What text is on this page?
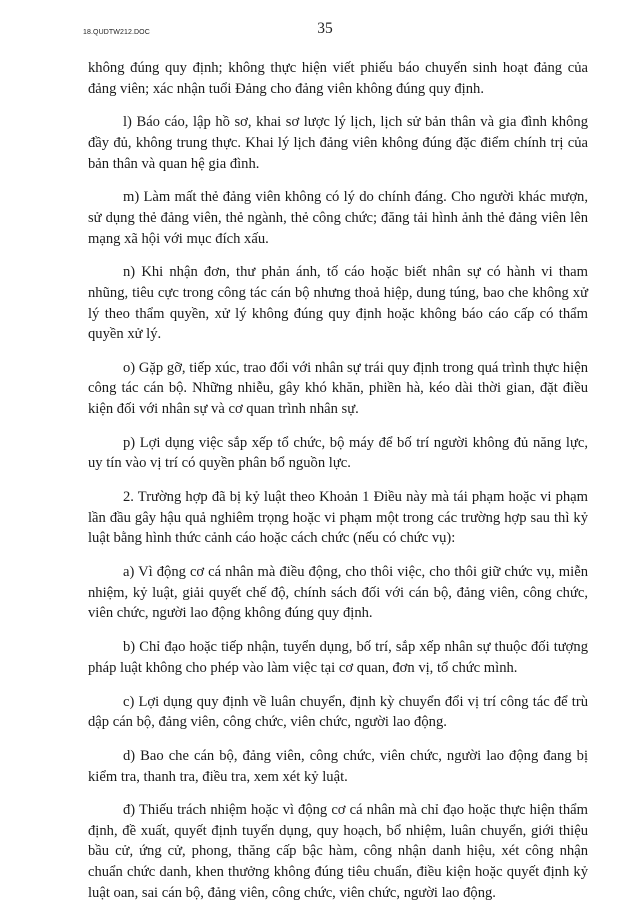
18.QUDTW212.DOC	35

không đúng quy định; không thực hiện viết phiếu báo chuyển sinh hoạt đảng của đảng viên; xác nhận tuổi Đảng cho đảng viên không đúng quy định.

l) Báo cáo, lập hồ sơ, khai sơ lược lý lịch, lịch sử bản thân và gia đình không đầy đủ, không trung thực. Khai lý lịch đảng viên không đúng đặc điểm chính trị của bản thân và quan hệ gia đình.

m) Làm mất thẻ đảng viên không có lý do chính đáng. Cho người khác mượn, sử dụng thẻ đảng viên, thẻ ngành, thẻ công chức; đăng tải hình ảnh thẻ đảng viên lên mạng xã hội với mục đích xấu.

n) Khi nhận đơn, thư phản ánh, tố cáo hoặc biết nhân sự có hành vi tham nhũng, tiêu cực trong công tác cán bộ nhưng thoả hiệp, dung túng, bao che không xử lý theo thẩm quyền, xử lý không đúng quy định hoặc không báo cáo cấp có thẩm quyền xử lý.

o) Gặp gỡ, tiếp xúc, trao đổi với nhân sự trái quy định trong quá trình thực hiện công tác cán bộ. Những nhiễu, gây khó khăn, phiền hà, kéo dài thời gian, đặt điều kiện đối với nhân sự và cơ quan trình nhân sự.

p) Lợi dụng việc sắp xếp tổ chức, bộ máy để bố trí người không đủ năng lực, uy tín vào vị trí có quyền phân bổ nguồn lực.

2. Trường hợp đã bị kỷ luật theo Khoản 1 Điều này mà tái phạm hoặc vi phạm lần đầu gây hậu quả nghiêm trọng hoặc vi phạm một trong các trường hợp sau thì kỷ luật bằng hình thức cảnh cáo hoặc cách chức (nếu có chức vụ):

a) Vì động cơ cá nhân mà điều động, cho thôi việc, cho thôi giữ chức vụ, miễn nhiệm, kỷ luật, giải quyết chế độ, chính sách đối với cán bộ, đảng viên, công chức, viên chức, người lao động không đúng quy định.

b) Chỉ đạo hoặc tiếp nhận, tuyển dụng, bố trí, sắp xếp nhân sự thuộc đối tượng pháp luật không cho phép vào làm việc tại cơ quan, đơn vị, tổ chức mình.

c) Lợi dụng quy định về luân chuyển, định kỳ chuyển đổi vị trí công tác để trù dập cán bộ, đảng viên, công chức, viên chức, người lao động.

d) Bao che cán bộ, đảng viên, công chức, viên chức, người lao động đang bị kiểm tra, thanh tra, điều tra, xem xét kỷ luật.

đ) Thiếu trách nhiệm hoặc vì động cơ cá nhân mà chỉ đạo hoặc thực hiện thẩm định, đề xuất, quyết định tuyển dụng, quy hoạch, bổ nhiệm, luân chuyển, giới thiệu bầu cử, ứng cử, phong, thăng cấp bậc hàm, công nhận danh hiệu, xét công nhận chuẩn chức danh, khen thưởng không đúng tiêu chuẩn, điều kiện hoặc quyết định kỷ luật oan, sai cán bộ, đảng viên, công chức, viên chức, người lao động.
